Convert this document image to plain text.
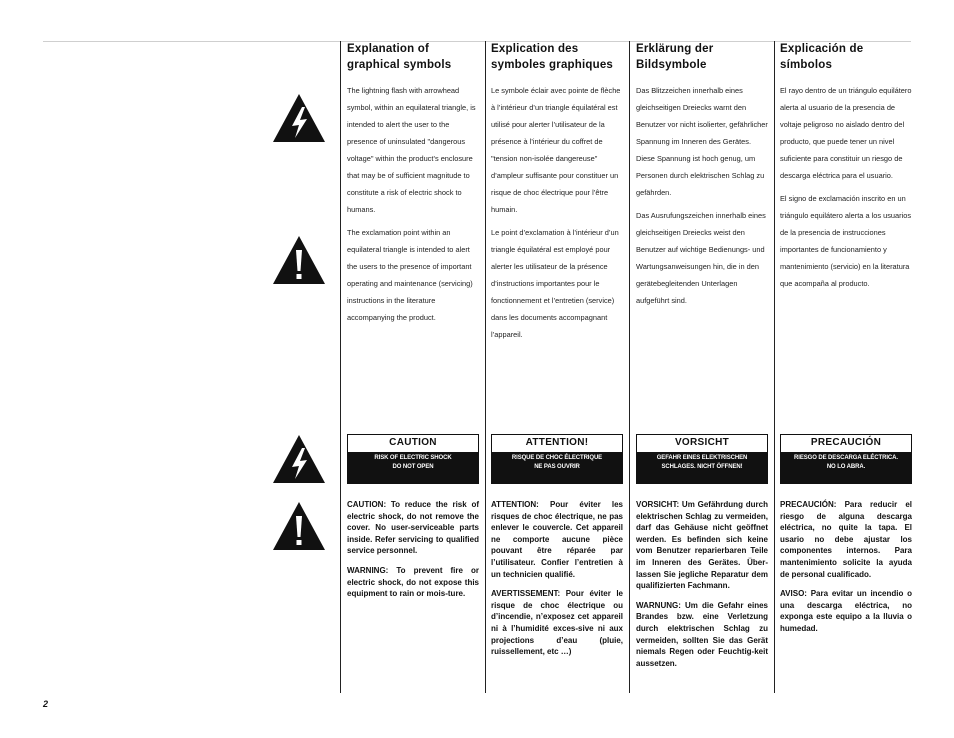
Explanation of graphical symbols

The lightning flash with arrowhead symbol, within an equilateral triangle, is intended to alert the user to the presence of uninsulated "dangerous voltage" within the product’s enclosure that may be of sufficient magnitude to constitute a risk of electric shock to humans.

The exclamation point within an equilateral triangle is intended to alert the users to the presence of important operating and maintenance (servicing) instructions in the literature accompanying the product.

CAUTION
RISK OF ELECTRIC SHOCK
DO NOT OPEN

CAUTION: To reduce the risk of electric shock, do not remove the cover. No user-serviceable parts inside. Refer servicing to qualified service personnel.

WARNING: To prevent fire or electric shock, do not expose this equipment to rain or mois-ture.

Explication des symboles graphiques

Le symbole éclair avec pointe de flèche à l’intérieur d’un triangle équilatéral est utilisé pour alerter l’utilisateur de la présence à l’intérieur du coffret de "tension non-isolée dangereuse" d’ampleur suffisante pour constituer un risque de choc électrique pour l’être humain.

Le point d’exclamation à l’intérieur d’un triangle équilatéral est employé pour alerter les utilisateur de la présence d’instructions importantes pour le fonctionnement et l’entretien (service) dans les documents accompagnant l’appareil.

ATTENTION!
RISQUE DE CHOC ÉLECTRIQUE
NE PAS OUVRIR

ATTENTION: Pour éviter les risques de choc électrique, ne pas enlever le couvercle. Cet appareil ne comporte aucune pièce pouvant être réparée par l’utilisateur. Confier l’entretien à un technicien qualifié.

AVERTISSEMENT: Pour éviter le risque de choc électrique ou d’incendie, n’exposez cet appareil ni à l’humidité exces-sive ni aux projections d’eau (pluie, ruissellement, etc …)

Erklärung der Bildsymbole

Das Blitzzeichen innerhalb eines gleichseitigen Dreiecks warnt den Benutzer vor nicht isolierter, gefährlicher Spannung im Inneren des Gerätes. Diese Spannung ist hoch genug, um Personen durch elektrischen Schlag zu gefährden.

Das Ausrufungszeichen innerhalb eines gleichseitigen Dreiecks weist den Benutzer auf wichtige Bedienungs- und Wartungsanweisungen hin, die in den gerätebegleitenden Unterlagen aufgeführt sind.

VORSICHT
GEFAHR EINES ELEKTRISCHEN
SCHLAGES. NICHT ÖFFNEN!

VORSICHT: Um Gefährdung durch elektrischen Schlag zu vermeiden, darf das Gehäuse nicht geöffnet werden. Es befinden sich keine vom Benutzer reparierbaren Teile im Inneren des Gerätes. Über-lassen Sie jegliche Reparatur dem qualifizierten Fachmann.

WARNUNG: Um die Gefahr eines Brandes bzw. eine Verletzung durch elektrischen Schlag zu vermeiden, sollten Sie das Gerät niemals Regen oder Feuchtig-keit aussetzen.

Explicación de símbolos

El rayo dentro de un triángulo equilátero alerta al usuario de la presencia de voltaje peligroso no aislado dentro del producto, que puede tener un nivel suficiente para constituir un riesgo de descarga eléctrica para el usuario.

El signo de exclamación inscrito en un triángulo equilátero alerta a los usuarios de la presencia de instrucciones importantes de funcionamiento y mantenimiento (servicio) en la literatura que acompaña al producto.

PRECAUCIÓN
RIESGO DE DESCARGA ELÉCTRICA.
NO LO ABRA.

PRECAUCIÓN: Para reducir el riesgo de alguna descarga eléctrica, no quite la tapa. El usario no debe ajustar los componentes internos. Para mantenimiento solicite la ayuda de personal cualificado.

AVISO: Para evitar un incendio o una descarga eléctrica, no exponga este equipo a la lluvia o humedad.

2
